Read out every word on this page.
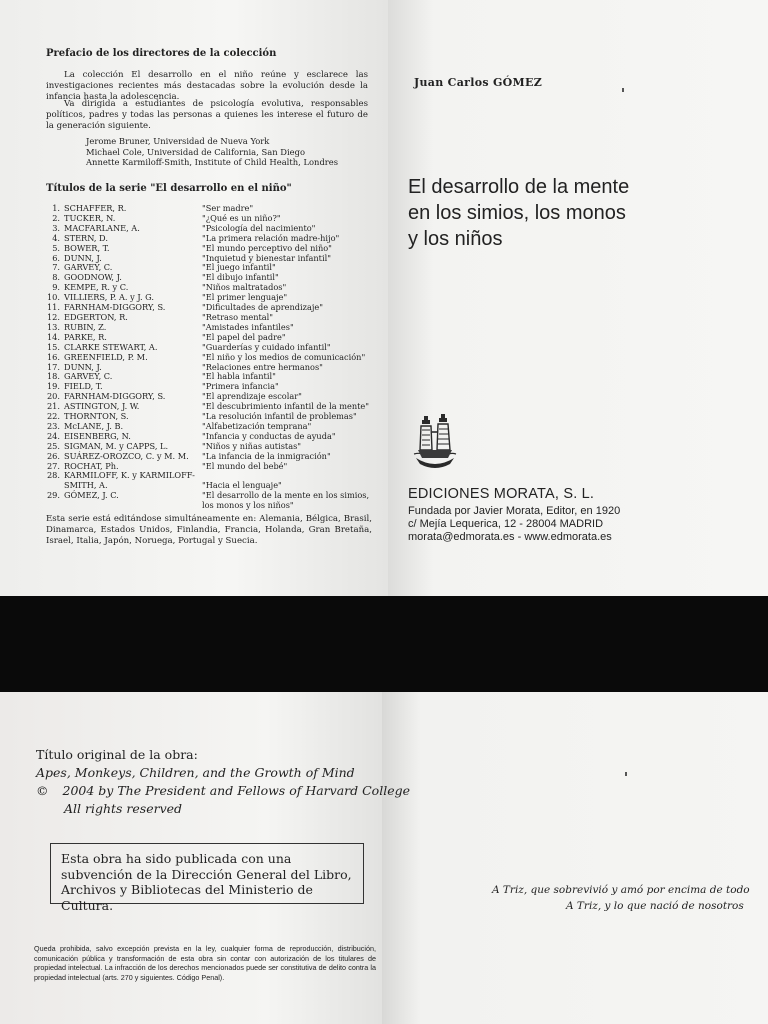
Prefacio de los directores de la colección
La colección El desarrollo en el niño reúne y esclarece las investigaciones recientes más destacadas sobre la evolución desde la infancia hasta la adolescencia.
Va dirigida a estudiantes de psicología evolutiva, responsables políticos, padres y todas las personas a quienes les interese el futuro de la generación siguiente.
Jerome Bruner, Universidad de Nueva York
Michael Cole, Universidad de California, San Diego
Annette Karmiloff-Smith, Institute of Child Health, Londres
Títulos de la serie "El desarrollo en el niño"
1. SCHAFFER, R.	"Ser madre"
2. TUCKER, N.	"¿Qué es un niño?"
3. MACFARLANE, A.	"Psicología del nacimiento"
4. STERN, D.	"La primera relación madre-hijo"
5. BOWER, T.	"El mundo perceptivo del niño"
6. DUNN, J.	"Inquietud y bienestar infantil"
7. GARVEY, C.	"El juego infantil"
8. GOODNOW, J.	"El dibujo infantil"
9. KEMPE, R. y C.	"Niños maltratados"
10. VILLIERS, P. A. y J. G.	"El primer lenguaje"
11. FARNHAM-DIGGORY, S.	"Dificultades de aprendizaje"
12. EDGERTON, R.	"Retraso mental"
13. RUBIN, Z.	"Amistades infantiles"
14. PARKE, R.	"El papel del padre"
15. CLARKE STEWART, A.	"Guarderías y cuidado infantil"
16. GREENFIELD, P. M.	"El niño y los medios de comunicación"
17. DUNN, J.	"Relaciones entre hermanos"
18. GARVEY, C.	"El habla infantil"
19. FIELD, T.	"Primera infancia"
20. FARNHAM-DIGGORY, S.	"El aprendizaje escolar"
21. ASTINGTON, J. W.	"El descubrimiento infantil de la mente"
22. THORNTON, S.	"La resolución infantil de problemas"
23. McLANE, J. B.	"Alfabetización temprana"
24. EISENBERG, N.	"Infancia y conductas de ayuda"
25. SIGMAN, M. y CAPPS, L.	"Niños y niñas autistas"
26. SUÁREZ-OROZCO, C. y M. M.	"La infancia de la inmigración"
27. ROCHAT, Ph.	"El mundo del bebé"
28. KARMILOFF, K. y KARMILOFF-
SMITH, A.	
"Hacia el lenguaje"
29. GÓMEZ, J. C.	"El desarrollo de la mente en los simios,
los monos y los niños"
Esta serie está editándose simultáneamente en: Alemania, Bélgica, Brasil, Dinamarca, Estados Unidos, Finlandia, Francia, Holanda, Gran Bretaña, Israel, Italia, Japón, Noruega, Portugal y Suecia.
Juan Carlos GÓMEZ
El desarrollo de la mente
en los simios, los monos
y los niños
EDICIONES MORATA, S. L.
Fundada por Javier Morata, Editor, en 1920
c/ Mejía Lequerica, 12 - 28004 MADRID
morata@edmorata.es - www.edmorata.es
Título original de la obra:
Apes, Monkeys, Children, and the Growth of Mind
© 2004 by The President and Fellows of Harvard College
All rights reserved
Esta obra ha sido publicada con una subvención de la Dirección General del Libro, Archivos y Bibliotecas del Ministerio de Cultura.
Queda prohibida, salvo excepción prevista en la ley, cualquier forma de reproducción, distribución, comunicación pública y transformación de esta obra sin contar con autorización de los titulares de propiedad intelectual. La infracción de los derechos mencionados puede ser constitutiva de delito contra la propiedad intelectual (arts. 270 y siguientes. Código Penal).
A Triz, que sobrevivió y amó por encima de todo
A Triz, y lo que nació de nosotros
